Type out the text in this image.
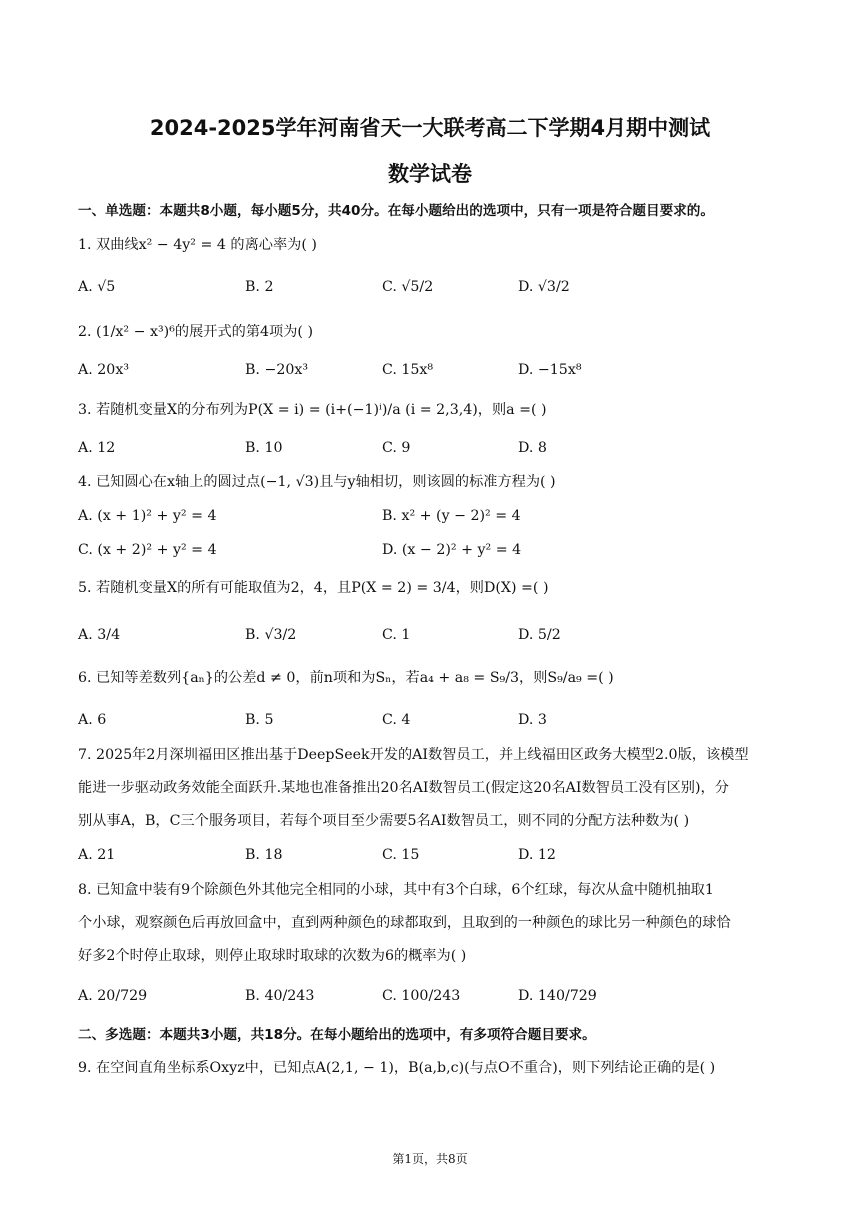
2024-2025学年河南省天一大联考高二下学期4月期中测试
数学试卷
一、单选题：本题共8小题，每小题5分，共40分。在每小题给出的选项中，只有一项是符合题目要求的。
1. 双曲线x² − 4y² = 4 的离心率为( )
A. √5	B. 2	C. √5/2	D. √3/2
2. (1/x² − x³)⁶的展开式的第4项为( )
A. 20x³	B. −20x³	C. 15x⁸	D. −15x⁸
3. 若随机变量X的分布列为P(X = i) = (i+(−1)ⁱ)/a (i = 2,3,4)，则a =( )
A. 12	B. 10	C. 9	D. 8
4. 已知圆心在x轴上的圆过点(−1, √3)且与y轴相切，则该圆的标准方程为( )
A. (x + 1)² + y² = 4	B. x² + (y − 2)² = 4
C. (x + 2)² + y² = 4	D. (x − 2)² + y² = 4
5. 若随机变量X的所有可能取值为2，4，且P(X = 2) = 3/4，则D(X) =( )
A. 3/4	B. √3/2	C. 1	D. 5/2
6. 已知等差数列{aₙ}的公差d ≠ 0，前n项和为Sₙ，若a₄ + a₈ = S₉/3，则S₉/a₉ =( )
A. 6	B. 5	C. 4	D. 3
7. 2025年2月深圳福田区推出基于DeepSeek开发的AI数智员工，并上线福田区政务大模型2.0版，该模型
能进一步驱动政务效能全面跃升.某地也准备推出20名AI数智员工(假定这20名AI数智员工没有区别)，分
别从事A，B，C三个服务项目，若每个项目至少需要5名AI数智员工，则不同的分配方法种数为( )
A. 21	B. 18	C. 15	D. 12
8. 已知盒中装有9个除颜色外其他完全相同的小球，其中有3个白球，6个红球，每次从盒中随机抽取1
个小球，观察颜色后再放回盒中，直到两种颜色的球都取到，且取到的一种颜色的球比另一种颜色的球恰
好多2个时停止取球，则停止取球时取球的次数为6的概率为( )
A. 20/729	B. 40/243	C. 100/243	D. 140/729
二、多选题：本题共3小题，共18分。在每小题给出的选项中，有多项符合题目要求。
9. 在空间直角坐标系Oxyz中，已知点A(2,1, − 1)，B(a,b,c)(与点O不重合)，则下列结论正确的是( )
第1页，共8页
